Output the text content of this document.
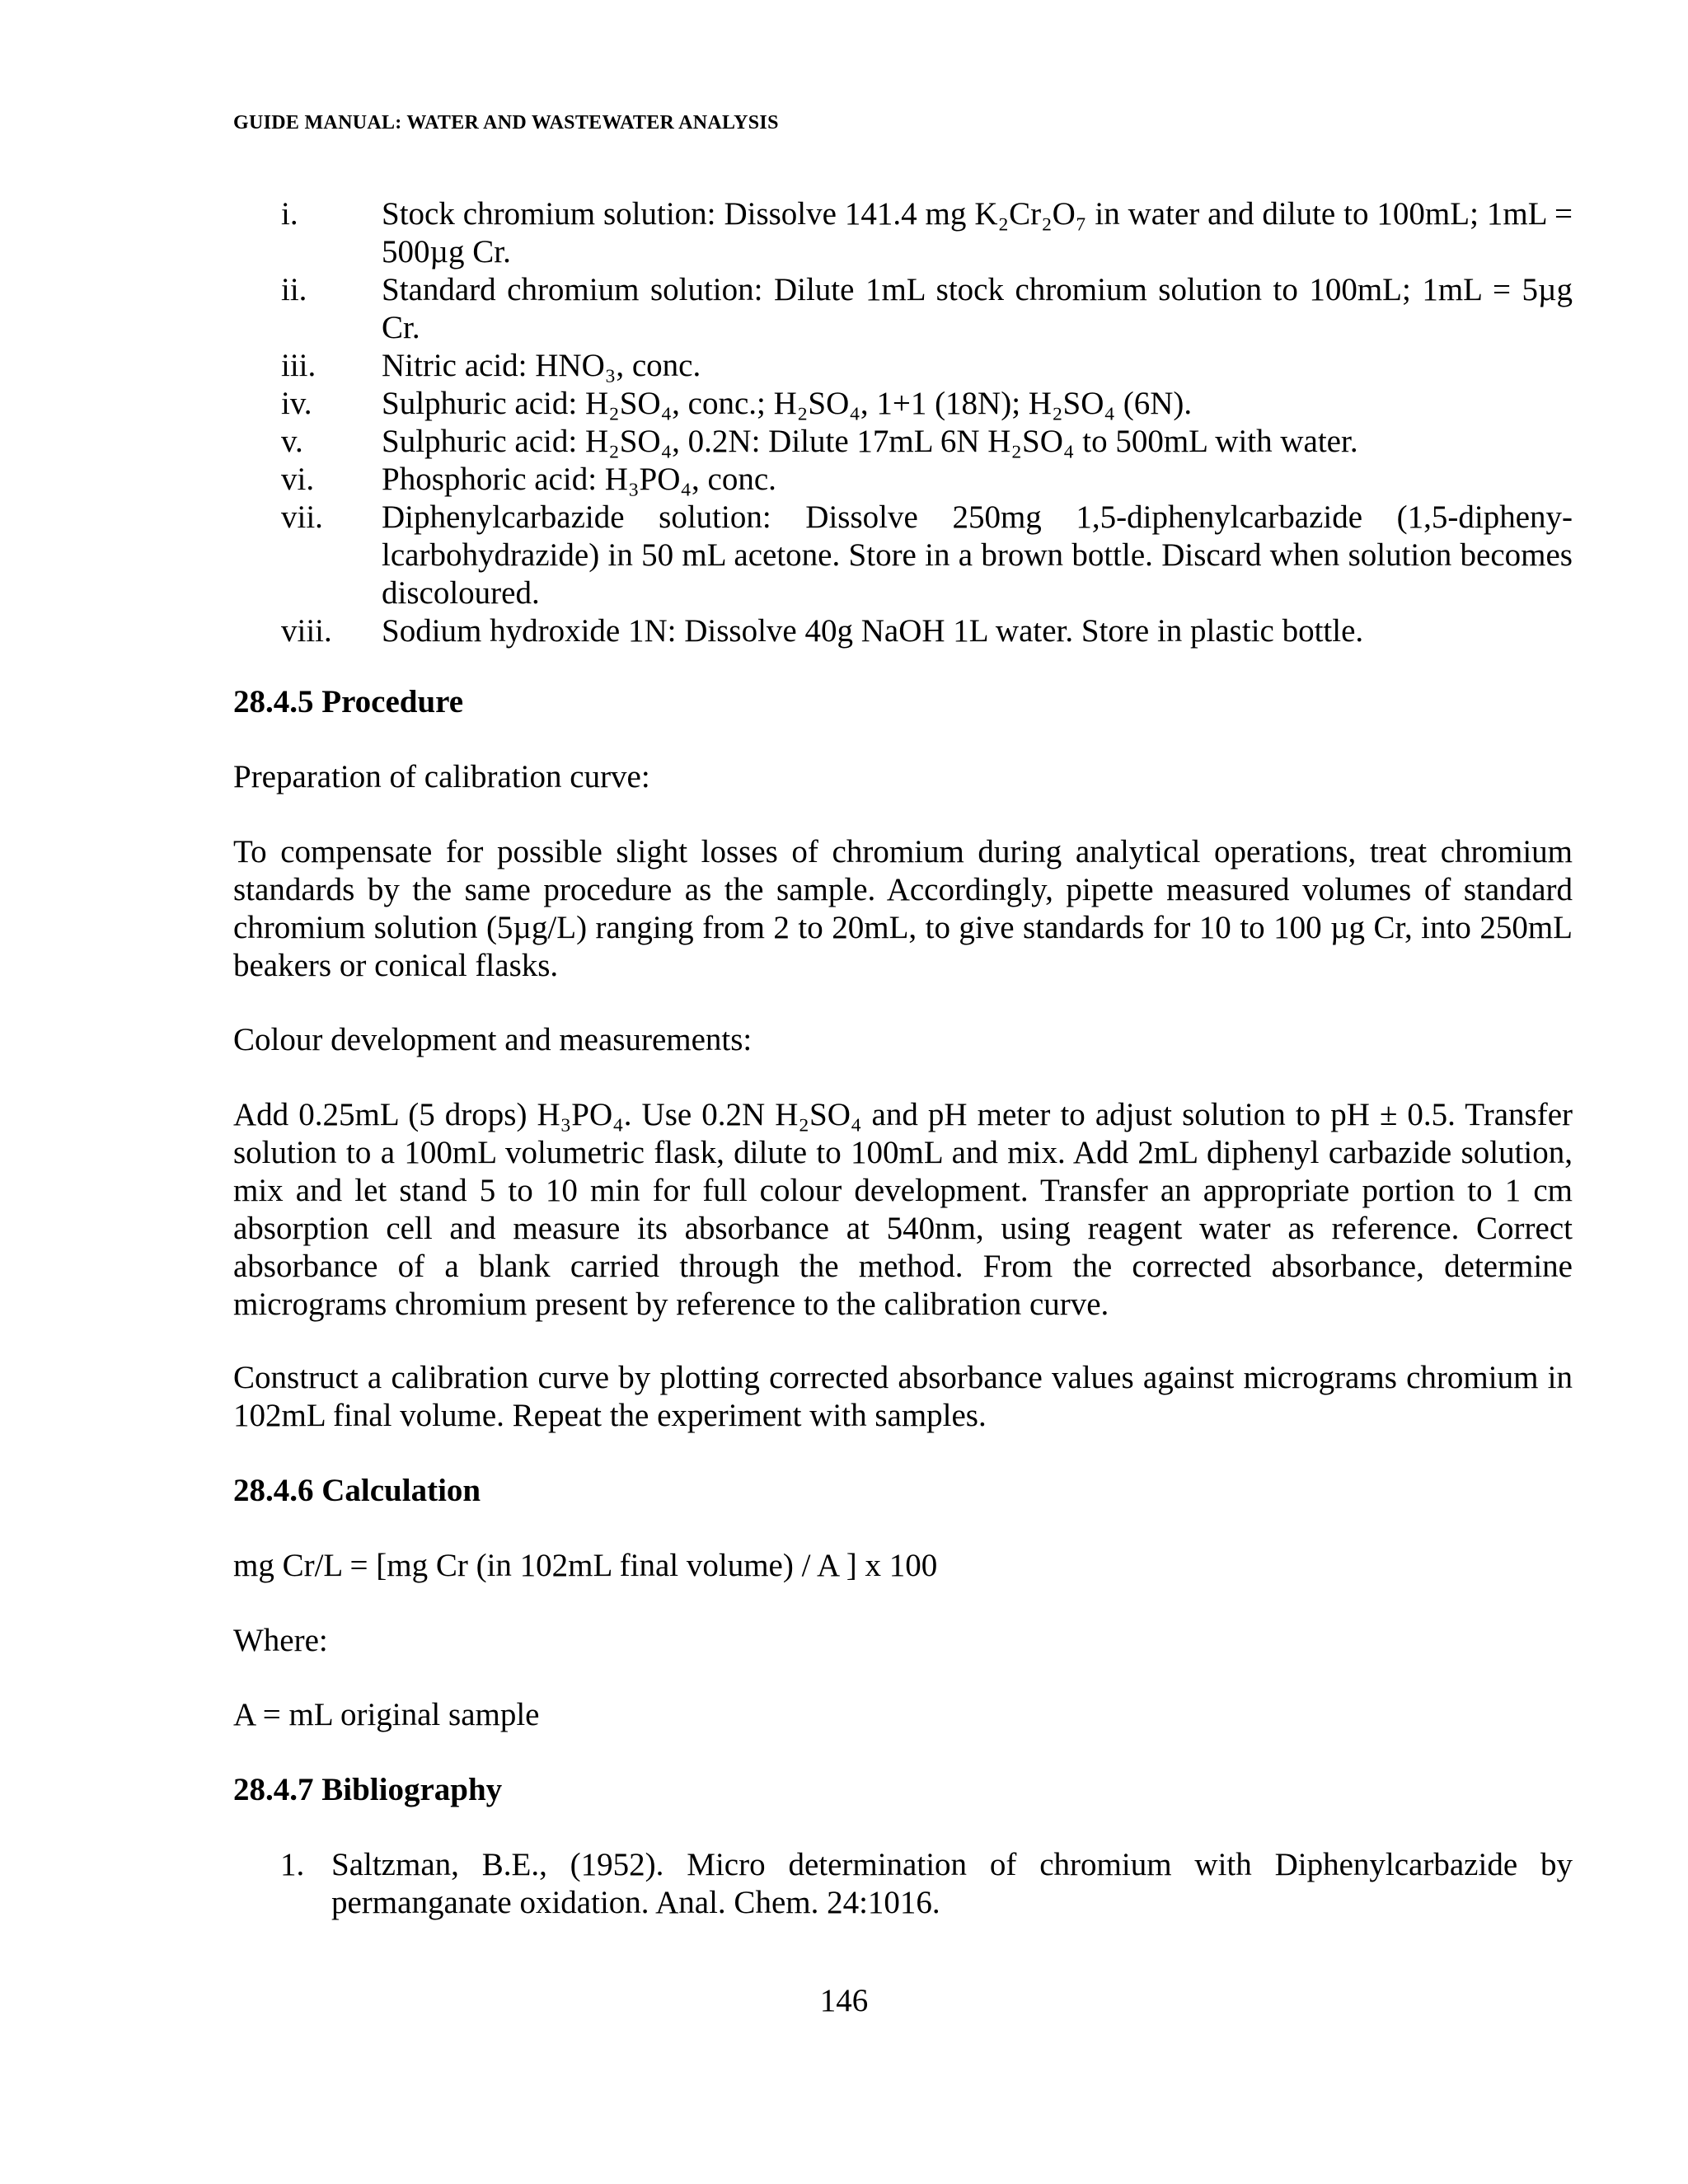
GUIDE MANUAL: WATER AND WASTEWATER ANALYSIS
i.	Stock chromium solution: Dissolve 141.4 mg K₂Cr₂O₇ in water and dilute to 100mL; 1mL = 500µg Cr.
ii. Standard chromium solution: Dilute 1mL stock chromium solution to 100mL; 1mL = 5µg Cr.
iii. Nitric acid: HNO₃, conc.
iv. Sulphuric acid: H₂SO₄, conc.; H₂SO₄, 1+1 (18N); H₂SO₄ (6N).
v. Sulphuric acid: H₂SO₄, 0.2N: Dilute 17mL 6N H₂SO₄ to 500mL with water.
vi. Phosphoric acid: H₃PO₄, conc.
vii. Diphenylcarbazide solution: Dissolve 250mg 1,5-diphenylcarbazide (1,5-dipheny-lcarbohydrazide) in 50 mL acetone. Store in a brown bottle. Discard when solution becomes discoloured.
viii. Sodium hydroxide 1N: Dissolve 40g NaOH 1L water. Store in plastic bottle.
28.4.5 Procedure
Preparation of calibration curve:
To compensate for possible slight losses of chromium during analytical operations, treat chromium standards by the same procedure as the sample. Accordingly, pipette measured volumes of standard chromium solution (5µg/L) ranging from 2 to 20mL, to give standards for 10 to 100 µg Cr, into 250mL beakers or conical flasks.
Colour development and measurements:
Add 0.25mL (5 drops) H₃PO₄. Use 0.2N H₂SO₄ and pH meter to adjust solution to pH ± 0.5. Transfer solution to a 100mL volumetric flask, dilute to 100mL and mix. Add 2mL diphenyl carbazide solution, mix and let stand 5 to 10 min for full colour development. Transfer an appropriate portion to 1 cm absorption cell and measure its absorbance at 540nm, using reagent water as reference. Correct absorbance of a blank carried through the method. From the corrected absorbance, determine micrograms chromium present by reference to the calibration curve.
Construct a calibration curve by plotting corrected absorbance values against micrograms chromium in 102mL final volume. Repeat the experiment with samples.
28.4.6 Calculation
mg Cr/L = [mg Cr (in 102mL final volume) / A ] x 100
Where:
A = mL original sample
28.4.7 Bibliography
1. Saltzman, B.E., (1952). Micro determination of chromium with Diphenylcarbazide by permanganate oxidation. Anal. Chem. 24:1016.
146
